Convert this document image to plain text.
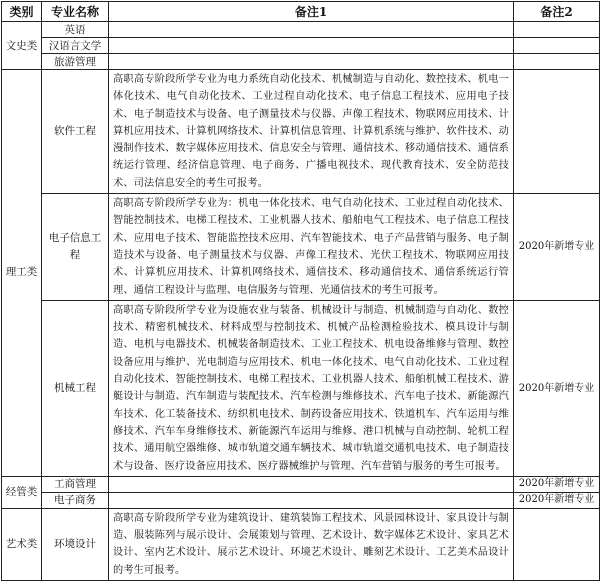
类别	专业名称	备注1	备注2
文史类	英语		
	汉语言文学		
	旅游管理		
理工类	软件工程	高职高专阶段所学专业为电力系统自动化技术、机械制造与自动化、数控技术、机电一体化技术、电气自动化技术、工业过程自动化技术、电子信息工程技术、应用电子技术、电子制造技术与设备、电子测量技术与仪器、声像工程技术、物联网应用技术、计算机应用技术、计算机网络技术、计算机信息管理、计算机系统与维护、软件技术、动漫制作技术、数字媒体应用技术、信息安全与管理、通信技术、移动通信技术、通信系统运行管理、经济信息管理、电子商务、广播电视技术、现代教育技术、安全防范技术、司法信息安全的考生可报考。	
	电子信息工程	高职高专阶段所学专业为：机电一体化技术、电气自动化技术、工业过程自动化技术、智能控制技术、电梯工程技术、工业机器人技术、船舶电气工程技术、电子信息工程技术、应用电子技术、智能监控技术应用、汽车智能技术、电子产品营销与服务、电子制造技术与设备、电子测量技术与仪器、声像工程技术、光伏工程技术、物联网应用技术、计算机应用技术、计算机网络技术、通信技术、移动通信技术、通信系统运行管理、通信工程设计与监理、电信服务与管理、光通信技术的考生可报考。	2020年新增专业
	机械工程	高职高专阶段所学专业为设施农业与装备、机械设计与制造、机械制造与自动化、数控技术、精密机械技术、材料成型与控制技术、机械产品检测检验技术、模具设计与制造、电机与电器技术、机械装备制造技术、工业工程技术、机电设备维修与管理、数控设备应用与维护、光电制造与应用技术、机电一体化技术、电气自动化技术、工业过程自动化技术、智能控制技术、电梯工程技术、工业机器人技术、船舶机械工程技术、游艇设计与制造、汽车制造与装配技术、汽车检测与维修技术、汽车电子技术、新能源汽车技术、化工装备技术、纺织机电技术、制药设备应用技术、铁道机车、汽车运用与维修技术、汽车车身维修技术、新能源汽车运用与维修、港口机械与自动控制、轮机工程技术、通用航空器维修、城市轨道交通车辆技术、城市轨道交通机电技术、电子制造技术与设备、医疗设备应用技术、医疗器械维护与管理、汽车营销与服务的考生可报考。	2020年新增专业
经管类	工商管理		2020年新增专业
	电子商务		2020年新增专业
艺术类	环境设计	高职高专阶段所学专业为建筑设计、建筑装饰工程技术、风景园林设计、家具设计与制造、服装陈列与展示设计、会展策划与管理、艺术设计、数字媒体艺术设计、家具艺术设计、室内艺术设计、展示艺术设计、环境艺术设计、雕刻艺术设计、工艺美术品设计的考生可报考。	
